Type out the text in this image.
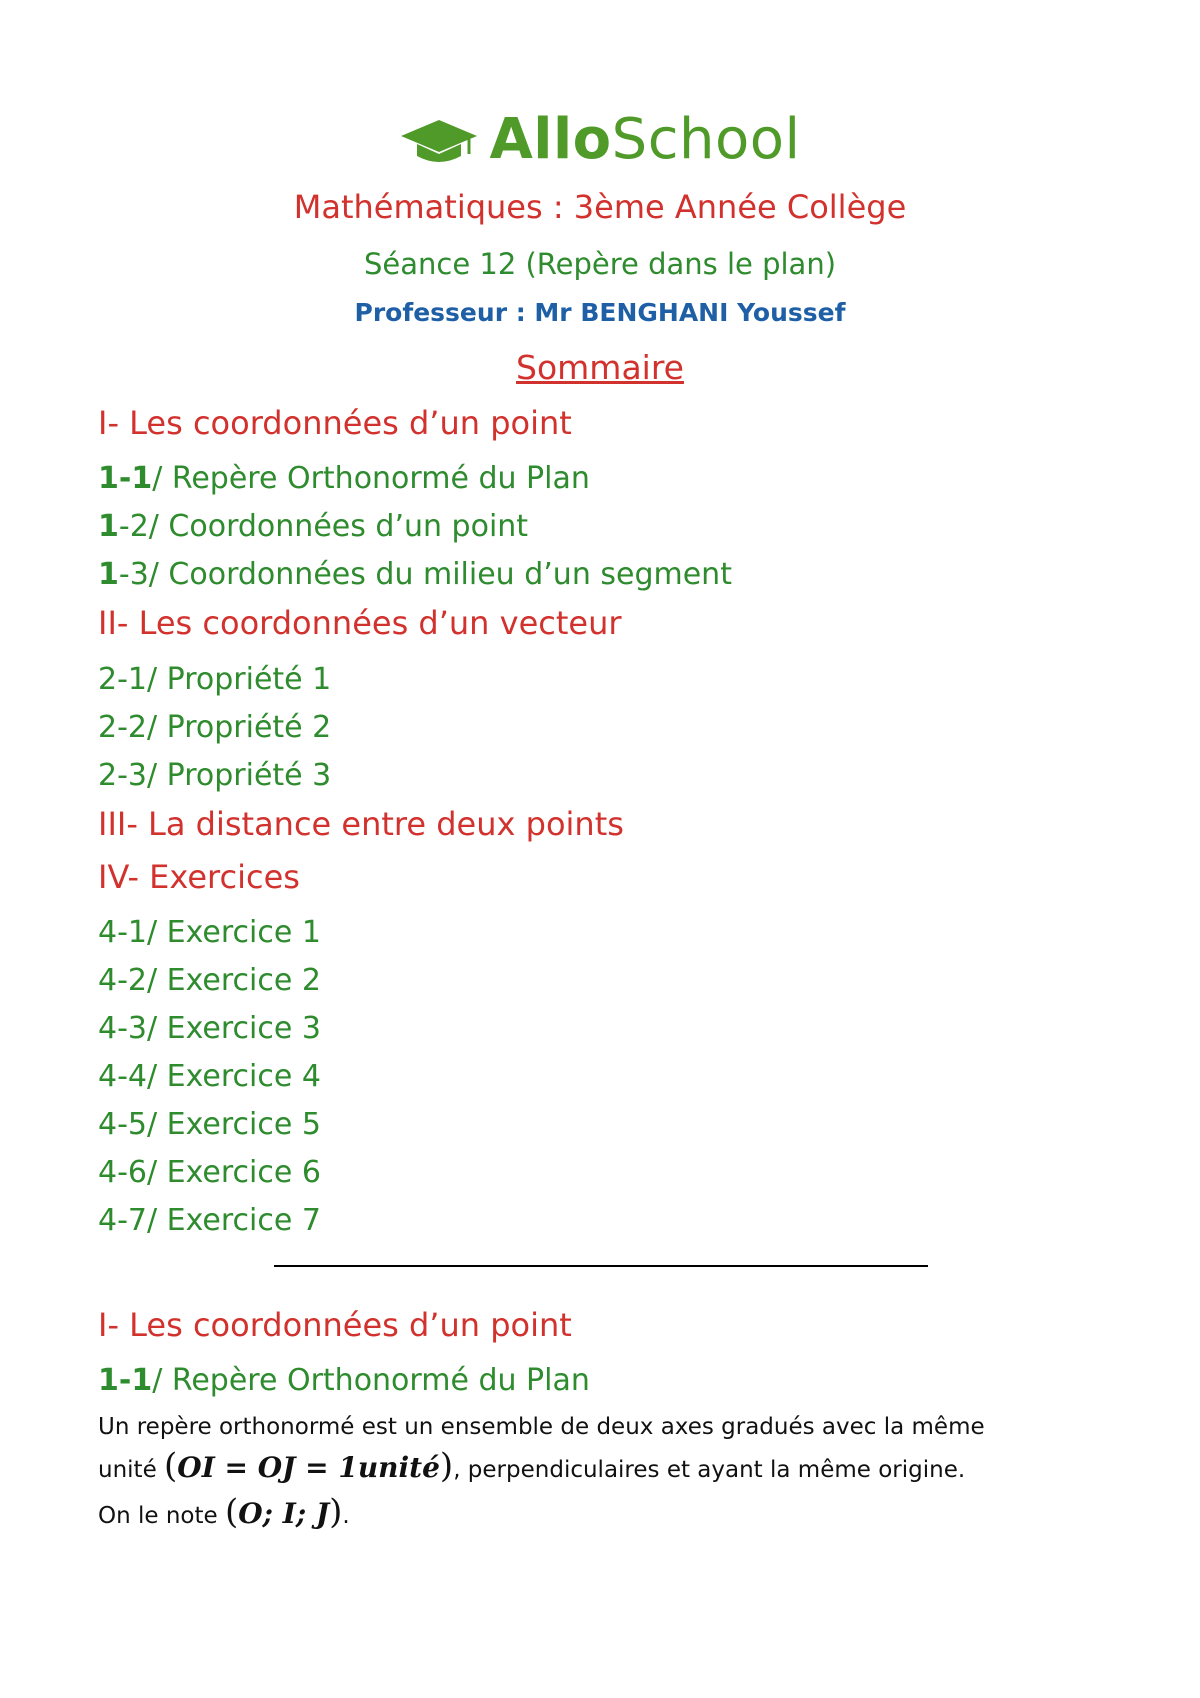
AlloSchool
Mathématiques : 3ème Année Collège
Séance 12 (Repère dans le plan)
Professeur : Mr BENGHANI Youssef
Sommaire
I- Les coordonnées d’un point
1-1/ Repère Orthonormé du Plan
1-2/ Coordonnées d’un point
1-3/ Coordonnées du milieu d’un segment
II- Les coordonnées d’un vecteur
2-1/ Propriété 1
2-2/ Propriété 2
2-3/ Propriété 3
III- La distance entre deux points
IV- Exercices
4-1/ Exercice 1
4-2/ Exercice 2
4-3/ Exercice 3
4-4/ Exercice 4
4-5/ Exercice 5
4-6/ Exercice 6
4-7/ Exercice 7
I- Les coordonnées d’un point
1-1/ Repère Orthonormé du Plan
Un repère orthonormé est un ensemble de deux axes gradués avec la même
unité (OI = OJ = 1unité), perpendiculaires et ayant la même origine.
On le note (O; I; J).
